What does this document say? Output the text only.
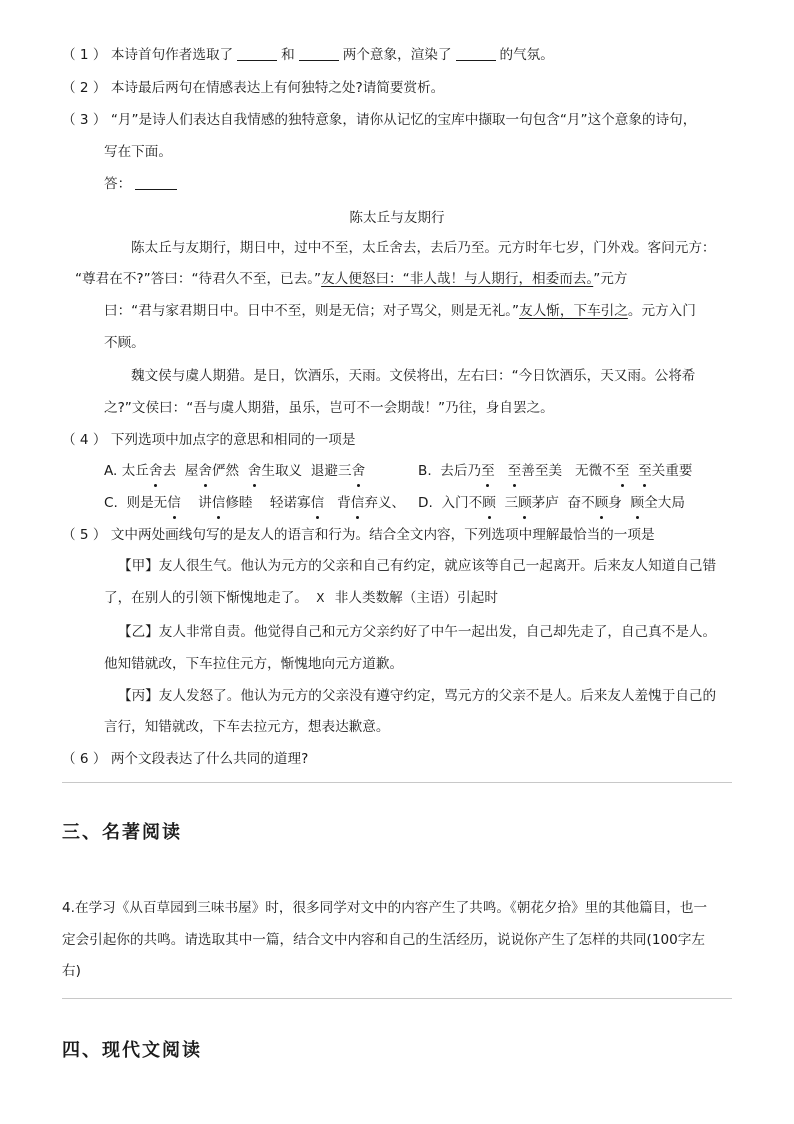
（ 1 ） 本诗首句作者选取了	和	两个意象，渲染了	的气氛。
（ 2 ） 本诗最后两句在情感表达上有何独特之处?请简要赏析。
（ 3 ） “月”是诗人们表达自我情感的独特意象，请你从记忆的宝库中撷取一句包含“月”这个意象的诗句，
写在下面。
答：
陈太丘与友期行
陈太丘与友期行，期日中，过中不至，太丘舍去，去后乃至。元方时年七岁，门外戏。客问元方：
“尊君在不?”答曰：“待君久不至，已去。”友人便怒曰：“非人哉！与人期行，相委而去。”元方
曰：“君与家君期日中。日中不至，则是无信；对子骂父，则是无礼。”友人惭，下车引之。元方入门
不顾。
魏文侯与虞人期猎。是日，饮酒乐，天雨。文侯将出，左右曰：“今日饮酒乐，天又雨。公将希
之?”文侯曰：“吾与虞人期猎，虽乐，岂可不一会期哉！”乃往，身自罢之。
（ 4 ） 下列选项中加点字的意思和相同的一项是
A. 太丘舍去  屋舍俨然 舍生取义  退避三舍	B.  去后乃至 至善至美   无微不至 至关重要
C.  则是无信    讲信修睦    轻诺寡信   背信弃义、 D.  入门不顾  三顾茅庐  奋不顾身 顾全大局
（ 5 ） 文中两处画线句写的是友人的语言和行为。结合全文内容，下列选项中理解最恰当的一项是
【甲】友人很生气。他认为元方的父亲和自己有约定，就应该等自己一起离开。后来友人知道自己错
了，在别人的引领下惭愧地走了。 X 非人类数解（主语）引起时
【乙】友人非常自责。他觉得自己和元方父亲约好了中午一起出发，自己却先走了，自己真不是人。
他知错就改，下车拉住元方，惭愧地向元方道歉。
【丙】友人发怒了。他认为元方的父亲没有遵守约定，骂元方的父亲不是人。后来友人羞愧于自己的
言行，知错就改，下车去拉元方，想表达歉意。
（ 6 ） 两个文段表达了什么共同的道理?
三、名著阅读
4.在学习《从百草园到三味书屋》时，很多同学对文中的内容产生了共鸣。《朝花夕拾》里的其他篇目，也一
定会引起你的共鸣。请选取其中一篇，结合文中内容和自己的生活经历，说说你产生了怎样的共同(100字左
右)
四、现代文阅读
